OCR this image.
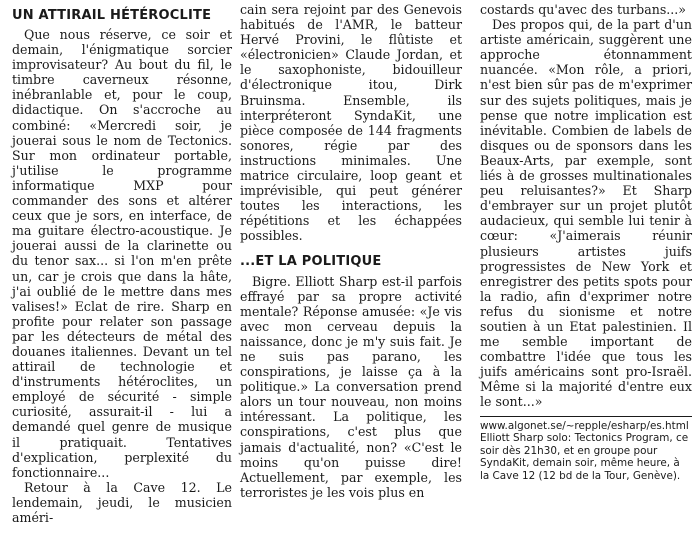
UN ATTIRAIL HÉTÉROCLITE

Que nous réserve, ce soir et demain, l'énigmatique sorcier improvisateur? Au bout du fil, le timbre caverneux résonne, inébranlable et, pour le coup, didactique. On s'accroche au combiné: «Mercredi soir, je jouerai sous le nom de Tectonics. Sur mon ordinateur portable, j'utilise le programme informatique MXP pour commander des sons et altérer ceux que je sors, en interface, de ma guitare électro-acoustique. Je jouerai aussi de la clarinette ou du tenor sax... si l'on m'en prête un, car je crois que dans la hâte, j'ai oublié de le mettre dans mes valises!» Eclat de rire. Sharp en profite pour relater son passage par les détecteurs de métal des douanes italiennes. Devant un tel attirail de technologie et d'instruments hétéroclites, un employé de sécurité - simple curiosité, assurait-il - lui a demandé quel genre de musique il pratiquait. Tentatives d'explication, perplexité du fonctionnaire...

Retour à la Cave 12. Le lendemain, jeudi, le musicien améri-

cain sera rejoint par des Genevois habitués de l'AMR, le batteur Hervé Provini, le flûtiste et «électronicien» Claude Jordan, et le saxophoniste, bidouilleur d'électronique itou, Dirk Bruinsma. Ensemble, ils interpréteront SyndaKit, une pièce composée de 144 fragments sonores, régie par des instructions minimales. Une matrice circulaire, loop geant et imprévisible, qui peut générer toutes les interactions, les répétitions et les échappées possibles.

...ET LA POLITIQUE

Bigre. Elliott Sharp est-il parfois effrayé par sa propre activité mentale? Réponse amusée: «Je vis avec mon cerveau depuis la naissance, donc je m'y suis fait. Je ne suis pas parano, les conspirations, je laisse ça à la politique.» La conversation prend alors un tour nouveau, non moins intéressant. La politique, les conspirations, c'est plus que jamais d'actualité, non? «C'est le moins qu'on puisse dire! Actuellement, par exemple, les terroristes je les vois plus en

costards qu'avec des turbans...»

Des propos qui, de la part d'un artiste américain, suggèrent une approche étonnamment nuancée. «Mon rôle, a priori, n'est bien sûr pas de m'exprimer sur des sujets politiques, mais je pense que notre implication est inévitable. Combien de labels de disques ou de sponsors dans les Beaux-Arts, par exemple, sont liés à de grosses multinationales peu reluisantes?» Et Sharp d'embrayer sur un projet plutôt audacieux, qui semble lui tenir à cœur: «J'aimerais réunir plusieurs artistes juifs progressistes de New York et enregistrer des petits spots pour la radio, afin d'exprimer notre refus du sionisme et notre soutien à un Etat palestinien. Il me semble important de combattre l'idée que tous les juifs américains sont pro-Israël. Même si la majorité d'entre eux le sont...»

www.algonet.se/~repple/esharp/es.html
Elliott Sharp solo: Tectonics Program, ce soir dès 21h30, et en groupe pour SyndaKit, demain soir, même heure, à la Cave 12 (12 bd de la Tour, Genève).
